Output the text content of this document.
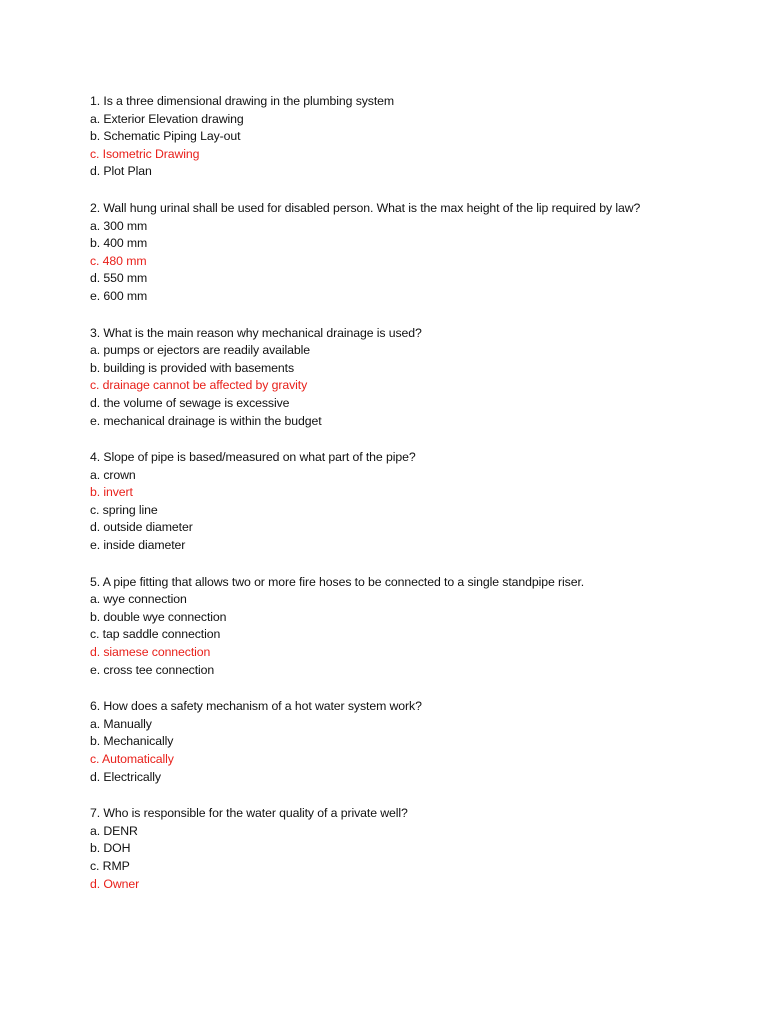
1. Is a three dimensional drawing in the plumbing system
a. Exterior Elevation drawing
b. Schematic Piping Lay-out
c. Isometric Drawing
d. Plot Plan
2. Wall hung urinal shall be used for disabled person. What is the max height of the lip required by law?
a. 300 mm
b. 400 mm
c. 480 mm
d. 550 mm
e. 600 mm
3. What is the main reason why mechanical drainage is used?
a. pumps or ejectors are readily available
b. building is provided with basements
c. drainage cannot be affected by gravity
d. the volume of sewage is excessive
e. mechanical drainage is within the budget
4. Slope of pipe is based/measured on what part of the pipe?
a. crown
b. invert
c. spring line
d. outside diameter
e. inside diameter
5. A pipe fitting that allows two or more fire hoses to be connected to a single standpipe riser.
a. wye connection
b. double wye connection
c. tap saddle connection
d. siamese connection
e. cross tee connection
6. How does a safety mechanism of a hot water system work?
a. Manually
b. Mechanically
c. Automatically
d. Electrically
7. Who is responsible for the water quality of a private well?
a. DENR
b. DOH
c. RMP
d. Owner
